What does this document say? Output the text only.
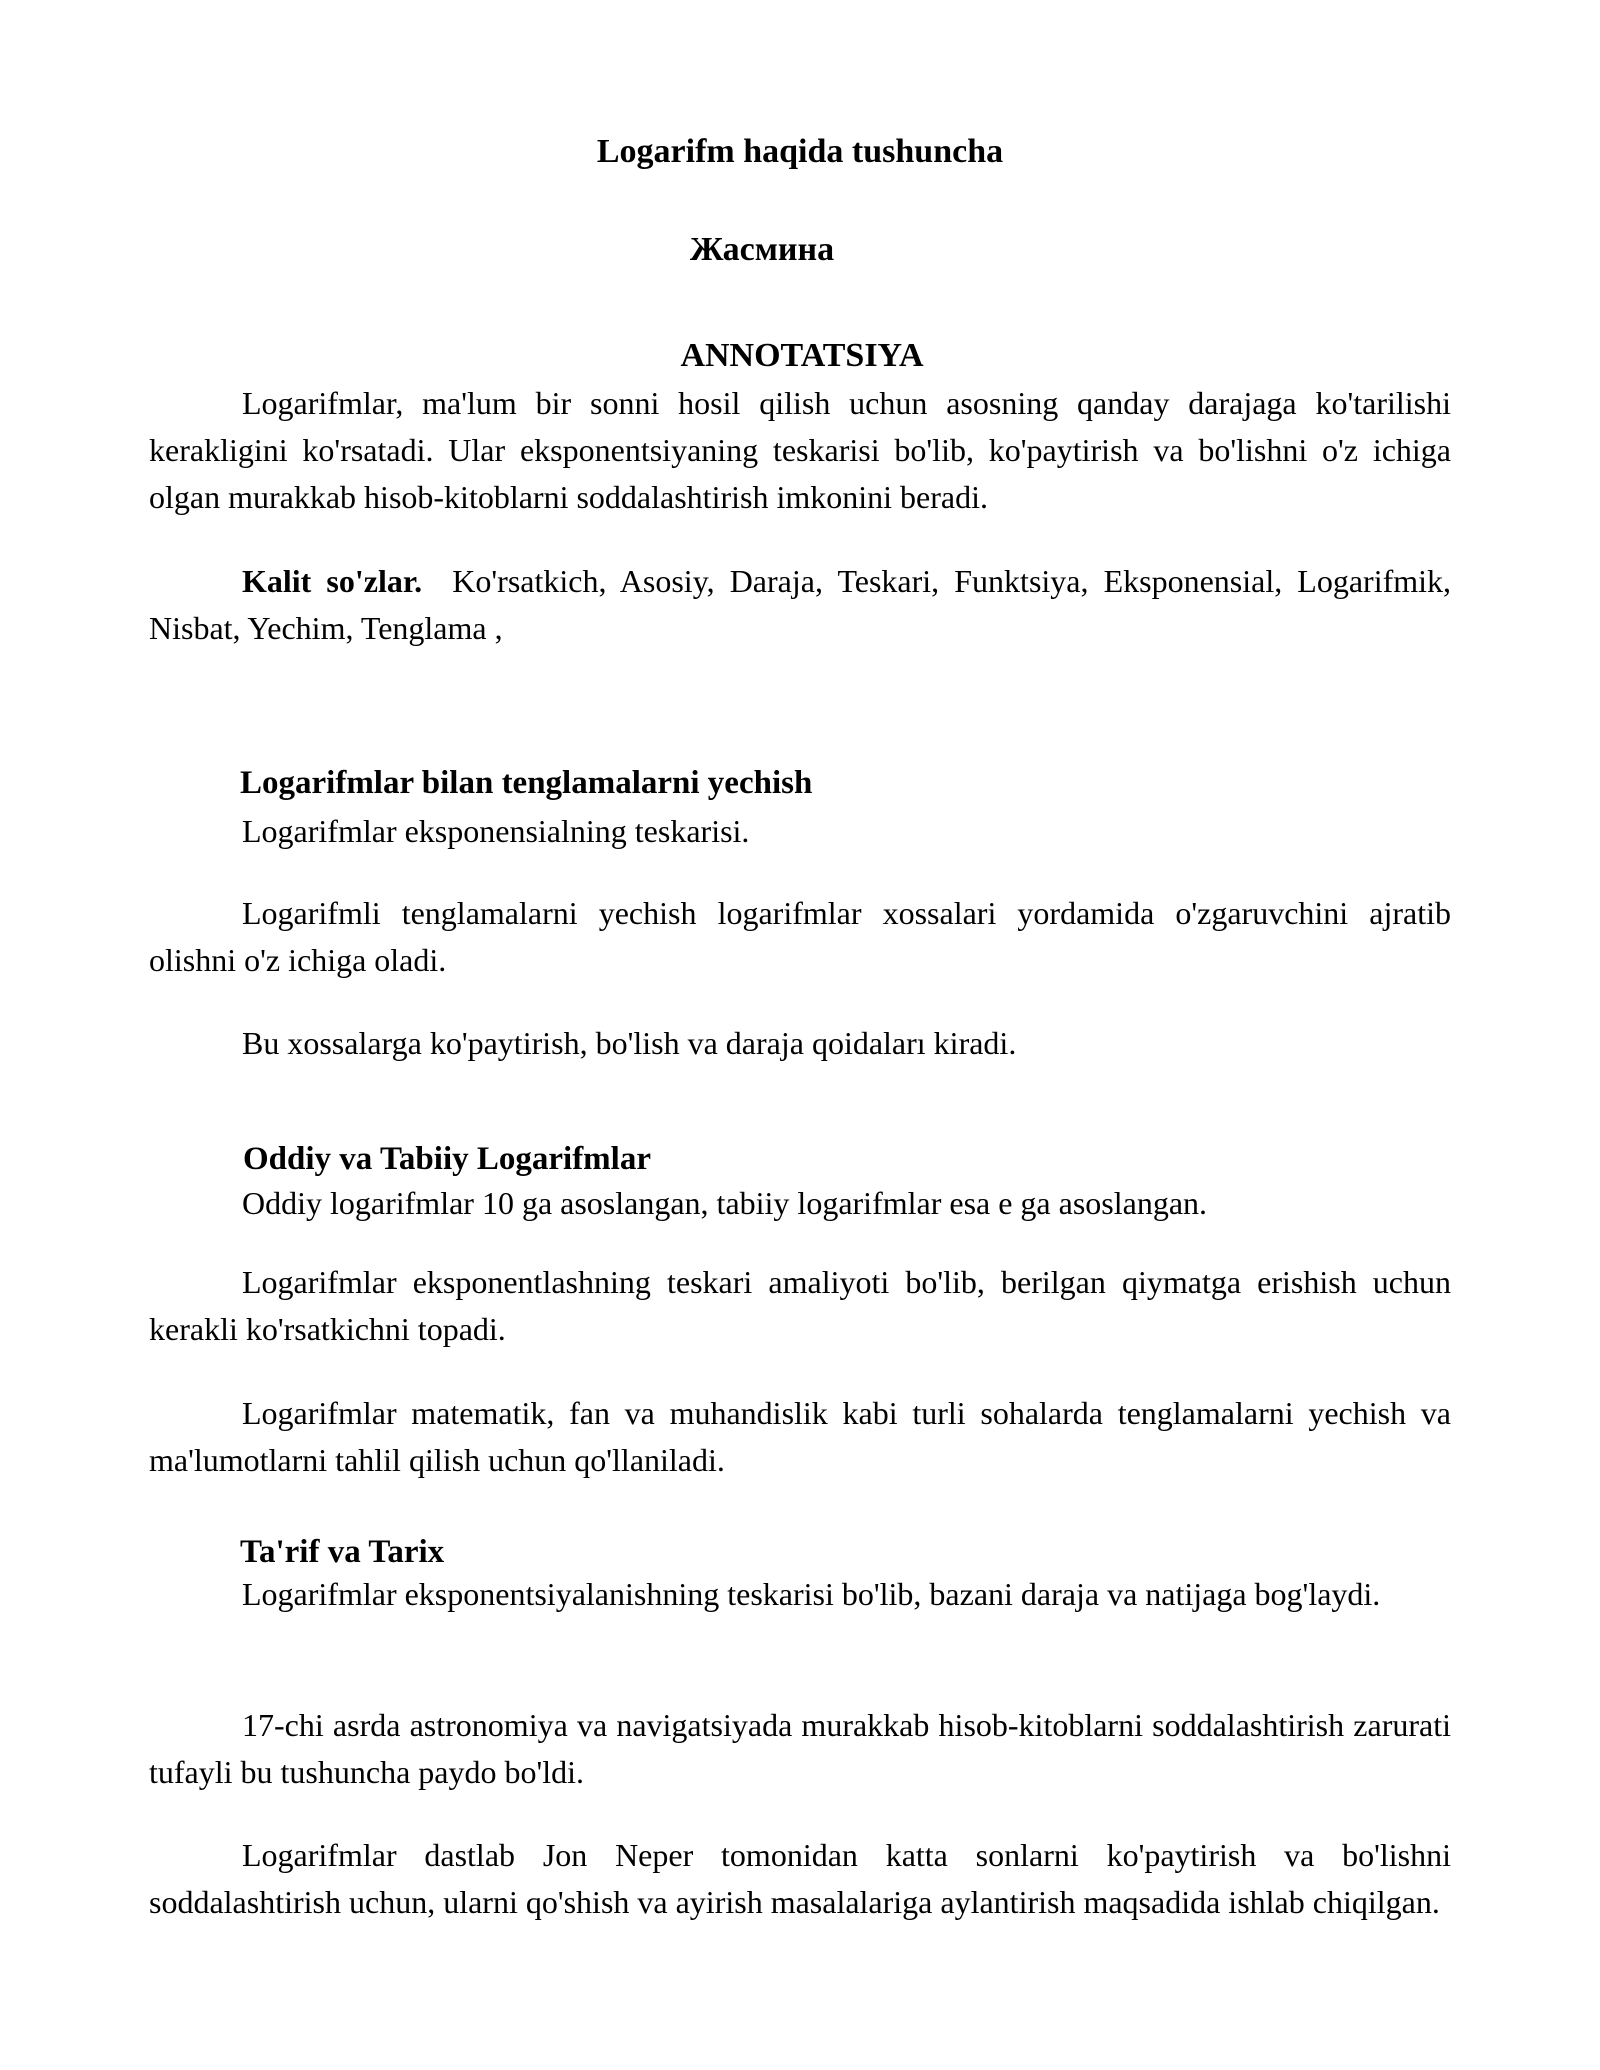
Logarifm haqida tushuncha
Жасмина
ANNOTATSIYA

Logarifmlar, ma'lum bir sonni hosil qilish uchun asosning qanday darajaga ko'tarilishi kerakligini ko'rsatadi. Ular eksponentsiyaning teskarisi bo'lib, ko'paytirish va bo'lishni o'z ichiga olgan murakkab hisob-kitoblarni soddalashtirish imkonini beradi.

Kalit so'zlar. Ko'rsatkich, Asosiy, Daraja, Teskari, Funktsiya, Eksponensial, Logarifmik, Nisbat, Yechim, Tenglama ,

Logarifmlar bilan tenglamalarni yechish

Logarifmlar eksponensialning teskarisi.

Logarifmli tenglamalarni yechish logarifmlar xossalari yordamida o'zgaruvchini ajratib olishni o'z ichiga oladi.

Bu xossalarga ko'paytirish, bo'lish va daraja qoidaları kiradi.

Oddiy va Tabiiy Logarifmlar

Oddiy logarifmlar 10 ga asoslangan, tabiiy logarifmlar esa e ga asoslangan.

Logarifmlar eksponentlashning teskari amaliyoti bo'lib, berilgan qiymatga erishish uchun kerakli ko'rsatkichni topadi.

Logarifmlar matematik, fan va muhandislik kabi turli sohalarda tenglamalarni yechish va ma'lumotlarni tahlil qilish uchun qo'llaniladi.

Ta'rif va Tarix

Logarifmlar eksponentsiyalanishning teskarisi bo'lib, bazani daraja va natijaga bog'laydi.

17-chi asrda astronomiya va navigatsiyada murakkab hisob-kitoblarni soddalashtirish zarurati tufayli bu tushuncha paydo bo'ldi.

Logarifmlar dastlab Jon Neper tomonidan katta sonlarni ko'paytirish va bo'lishni soddalashtirish uchun, ularni qo'shish va ayirish masalalariga aylantirish maqsadida ishlab chiqilgan.
